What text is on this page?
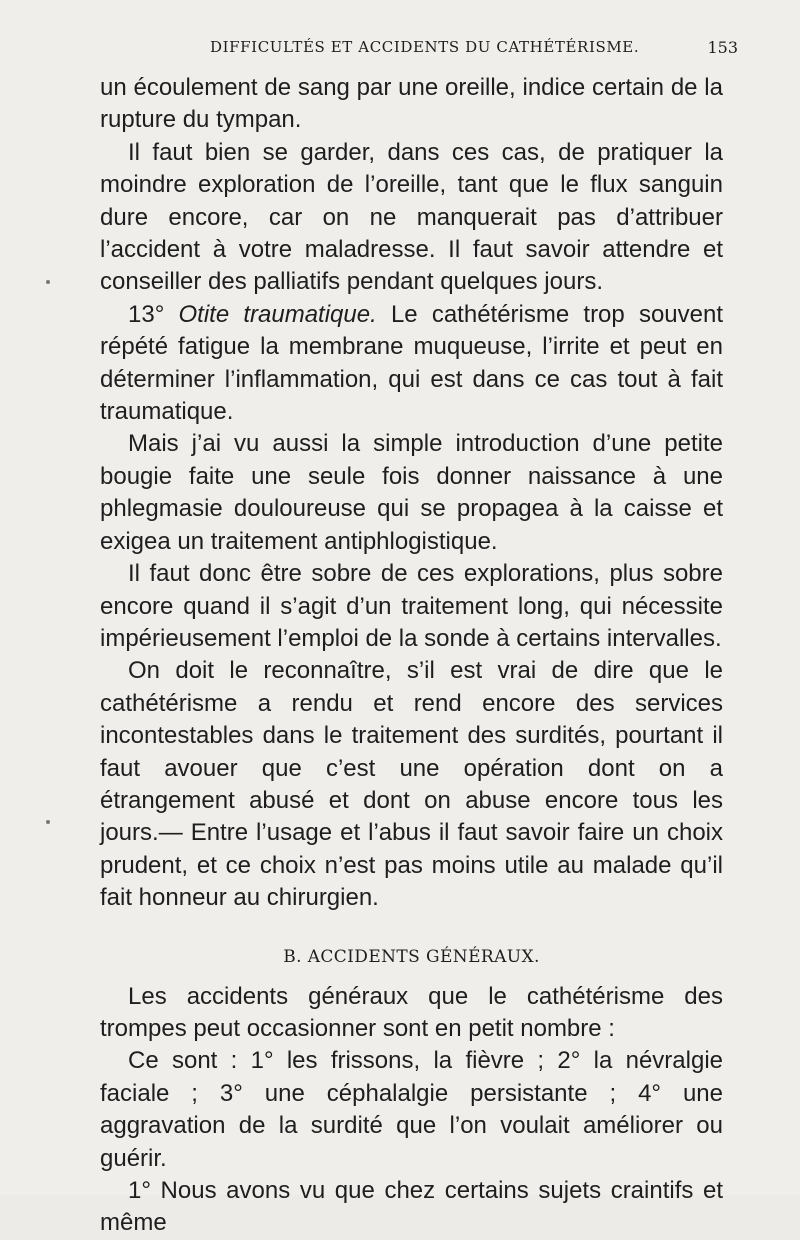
DIFFICULTÉS ET ACCIDENTS DU CATHÉTÉRISME.	153

un écoulement de sang par une oreille, indice certain de la rupture du tympan.

Il faut bien se garder, dans ces cas, de pratiquer la moindre exploration de l’oreille, tant que le flux sanguin dure encore, car on ne manquerait pas d’attribuer l’accident à votre maladresse. Il faut savoir attendre et conseiller des palliatifs pendant quelques jours.

13° Otite traumatique. Le cathétérisme trop souvent répété fatigue la membrane muqueuse, l’irrite et peut en déterminer l’inflammation, qui est dans ce cas tout à fait traumatique.

Mais j’ai vu aussi la simple introduction d’une petite bougie faite une seule fois donner naissance à une phlegmasie douloureuse qui se propagea à la caisse et exigea un traitement antiphlogistique.

Il faut donc être sobre de ces explorations, plus sobre encore quand il s’agit d’un traitement long, qui nécessite impérieusement l’emploi de la sonde à certains intervalles.

On doit le reconnaître, s’il est vrai de dire que le cathétérisme a rendu et rend encore des services incontestables dans le traitement des surdités, pourtant il faut avouer que c’est une opération dont on a étrangement abusé et dont on abuse encore tous les jours.— Entre l’usage et l’abus il faut savoir faire un choix prudent, et ce choix n’est pas moins utile au malade qu’il fait honneur au chirurgien.

B. ACCIDENTS GÉNÉRAUX.

Les accidents généraux que le cathétérisme des trompes peut occasionner sont en petit nombre :

Ce sont : 1° les frissons, la fièvre ; 2° la névralgie faciale ; 3° une céphalalgie persistante ; 4° une aggravation de la surdité que l’on voulait améliorer ou guérir.

1° Nous avons vu que chez certains sujets craintifs et même
